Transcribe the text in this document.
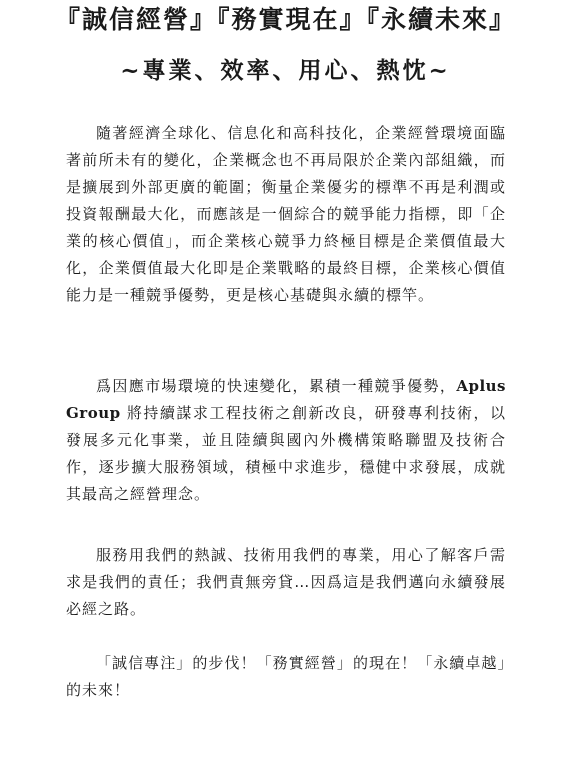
『誠信經營』『務實現在』『永續未來』
~專業、效率、用心、熱忱~

隨著經濟全球化、信息化和高科技化，企業經營環境面臨著前所未有的變化，企業概念也不再局限於企業內部組織，而是擴展到外部更廣的範圍；衡量企業優劣的標準不再是利潤或投資報酬最大化，而應該是一個綜合的競爭能力指標，即「企業的核心價值」，而企業核心競爭力終極目標是企業價值最大化，企業價值最大化即是企業戰略的最終目標，企業核心價值能力是一種競爭優勢，更是核心基礎與永續的標竿。

爲因應市場環境的快速變化，累積一種競爭優勢，Aplus Group 將持續謀求工程技術之創新改良，研發專利技術，以發展多元化事業，並且陸續與國內外機構策略聯盟及技術合作，逐步擴大服務領域，積極中求進步，穩健中求發展，成就其最高之經營理念。

服務用我們的熱誠、技術用我們的專業，用心了解客戶需求是我們的責任；我們責無旁貸…因爲這是我們邁向永續發展必經之路。

「誠信專注」的步伐！「務實經營」的現在！「永續卓越」的未來！
